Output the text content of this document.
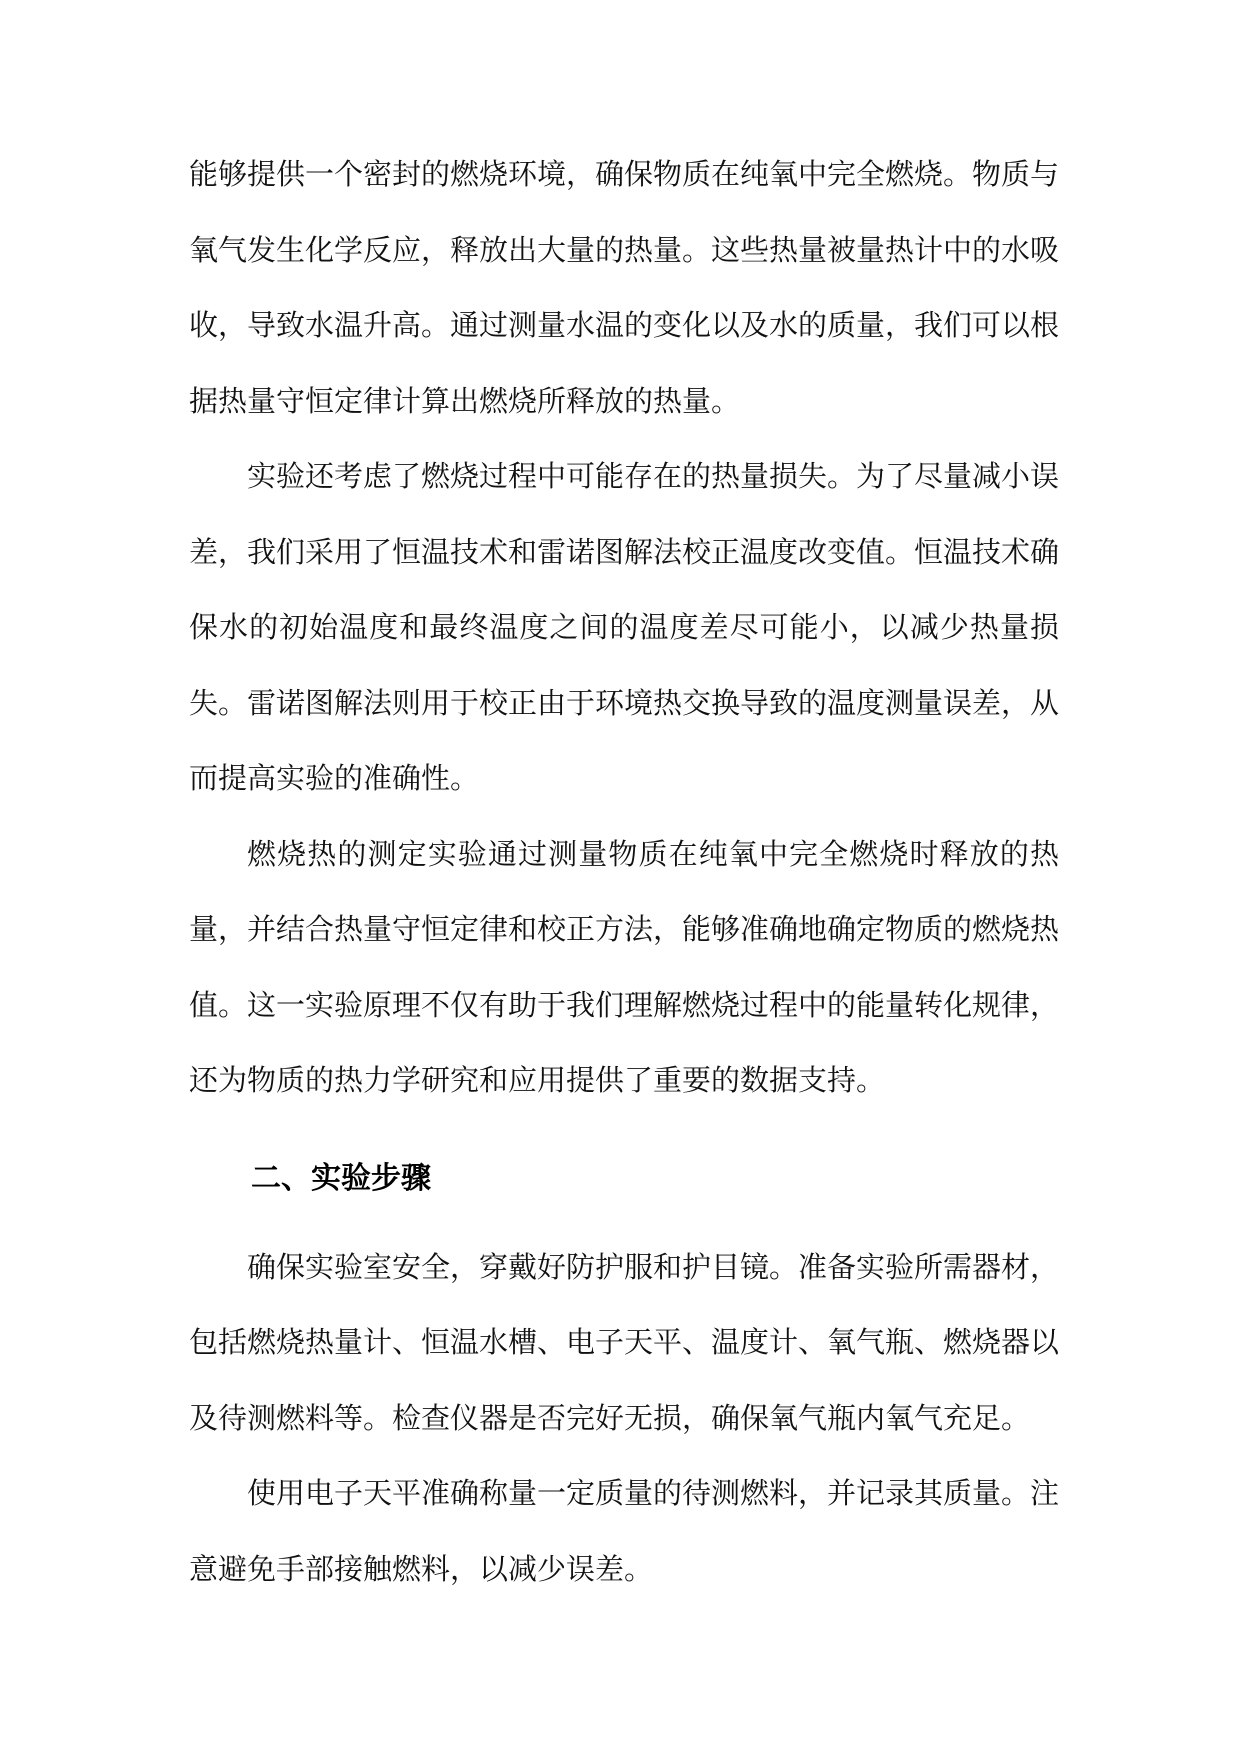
能够提供一个密封的燃烧环境，确保物质在纯氧中完全燃烧。物质与氧气发生化学反应，释放出大量的热量。这些热量被量热计中的水吸收，导致水温升高。通过测量水温的变化以及水的质量，我们可以根据热量守恒定律计算出燃烧所释放的热量。

实验还考虑了燃烧过程中可能存在的热量损失。为了尽量减小误差，我们采用了恒温技术和雷诺图解法校正温度改变值。恒温技术确保水的初始温度和最终温度之间的温度差尽可能小，以减少热量损失。雷诺图解法则用于校正由于环境热交换导致的温度测量误差，从而提高实验的准确性。

燃烧热的测定实验通过测量物质在纯氧中完全燃烧时释放的热量，并结合热量守恒定律和校正方法，能够准确地确定物质的燃烧热值。这一实验原理不仅有助于我们理解燃烧过程中的能量转化规律，还为物质的热力学研究和应用提供了重要的数据支持。

二、实验步骤

确保实验室安全，穿戴好防护服和护目镜。准备实验所需器材，包括燃烧热量计、恒温水槽、电子天平、温度计、氧气瓶、燃烧器以及待测燃料等。检查仪器是否完好无损，确保氧气瓶内氧气充足。

使用电子天平准确称量一定质量的待测燃料，并记录其质量。注意避免手部接触燃料，以减少误差。
